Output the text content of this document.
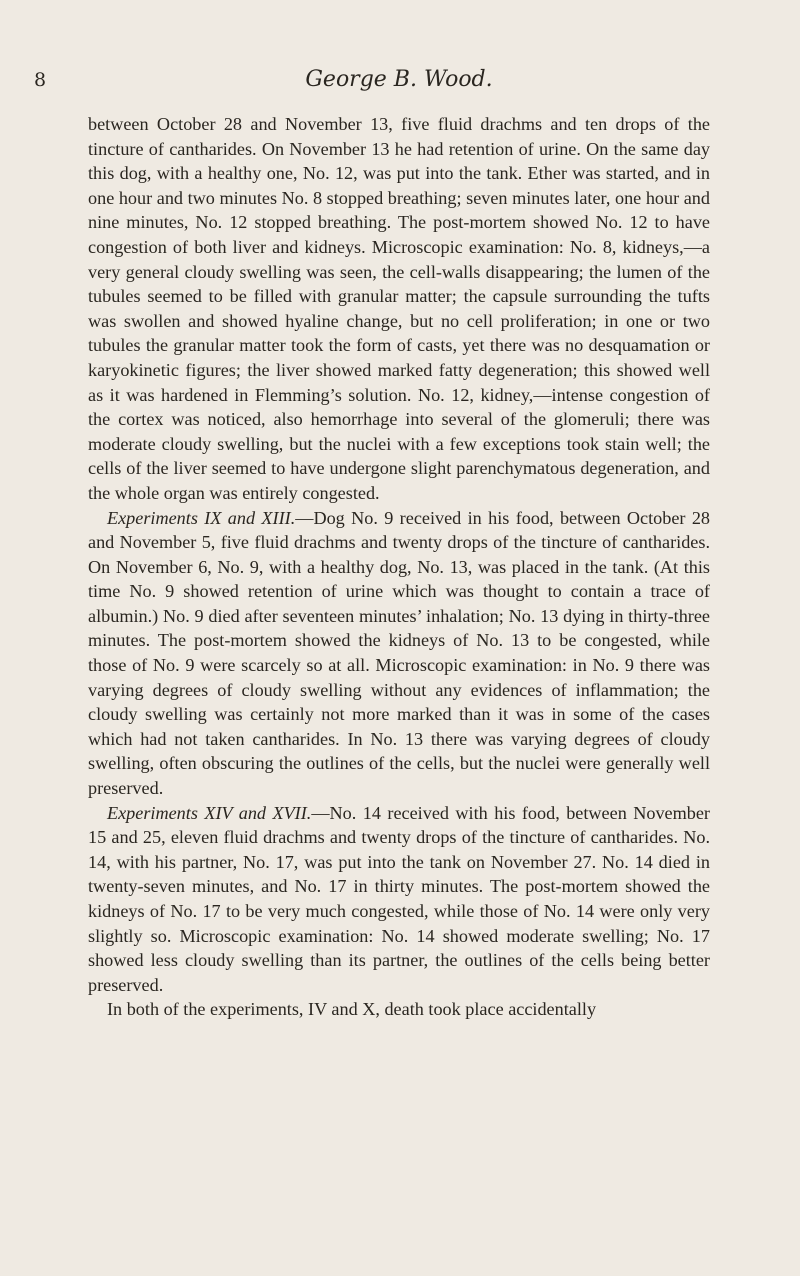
8	George B. Wood.

between October 28 and November 13, five fluid drachms and ten drops of the tincture of cantharides. On November 13 he had retention of urine. On the same day this dog, with a healthy one, No. 12, was put into the tank. Ether was started, and in one hour and two minutes No. 8 stopped breathing; seven minutes later, one hour and nine minutes, No. 12 stopped breathing. The post-mortem showed No. 12 to have congestion of both liver and kidneys. Microscopic examination: No. 8, kidneys,—a very general cloudy swelling was seen, the cell-walls disappearing; the lumen of the tubules seemed to be filled with granular matter; the capsule surrounding the tufts was swollen and showed hyaline change, but no cell proliferation; in one or two tubules the granular matter took the form of casts, yet there was no desquamation or karyokinetic figures; the liver showed marked fatty degeneration; this showed well as it was hardened in Flemming’s solution. No. 12, kidney,—intense congestion of the cortex was noticed, also hemorrhage into several of the glomeruli; there was moderate cloudy swelling, but the nuclei with a few exceptions took stain well; the cells of the liver seemed to have undergone slight parenchymatous degeneration, and the whole organ was entirely congested.

Experiments IX and XIII.—Dog No. 9 received in his food, between October 28 and November 5, five fluid drachms and twenty drops of the tincture of cantharides. On November 6, No. 9, with a healthy dog, No. 13, was placed in the tank. (At this time No. 9 showed retention of urine which was thought to contain a trace of albumin.) No. 9 died after seventeen minutes’ inhalation; No. 13 dying in thirty-three minutes. The post-mortem showed the kidneys of No. 13 to be congested, while those of No. 9 were scarcely so at all. Microscopic examination: in No. 9 there was varying degrees of cloudy swelling without any evidences of inflammation; the cloudy swelling was certainly not more marked than it was in some of the cases which had not taken cantharides. In No. 13 there was varying degrees of cloudy swelling, often obscuring the outlines of the cells, but the nuclei were generally well preserved.

Experiments XIV and XVII.—No. 14 received with his food, between November 15 and 25, eleven fluid drachms and twenty drops of the tincture of cantharides. No. 14, with his partner, No. 17, was put into the tank on November 27. No. 14 died in twenty-seven minutes, and No. 17 in thirty minutes. The post-mortem showed the kidneys of No. 17 to be very much congested, while those of No. 14 were only very slightly so. Microscopic examination: No. 14 showed moderate swelling; No. 17 showed less cloudy swelling than its partner, the outlines of the cells being better preserved.

In both of the experiments, IV and X, death took place accidentally
